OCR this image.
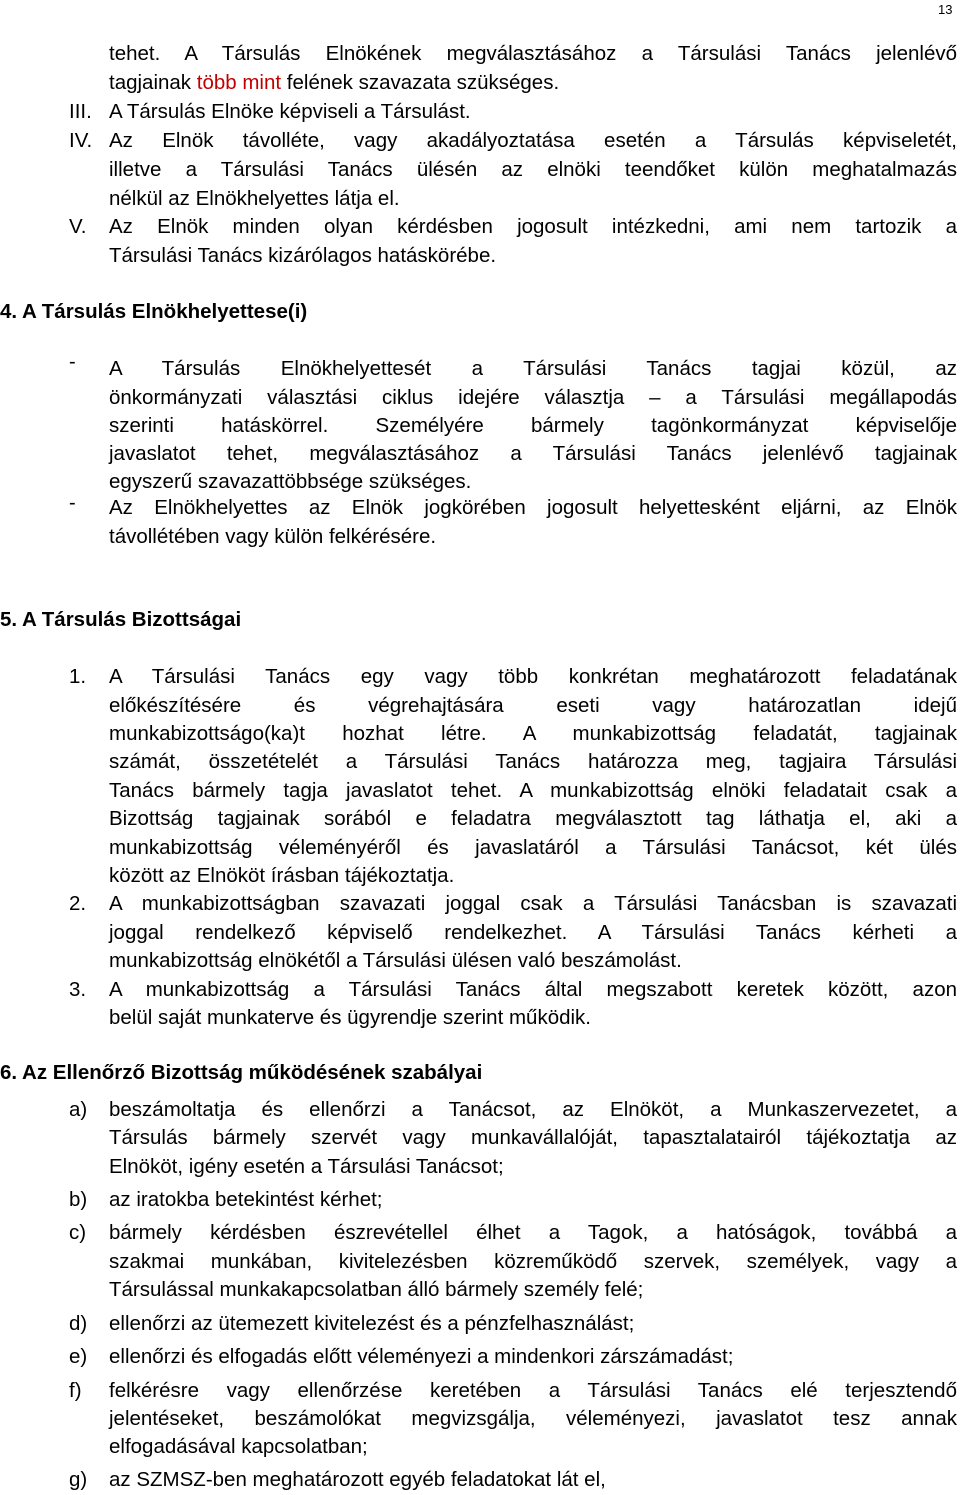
13
tehet. A Társulás Elnökének megválasztásához a Társulási Tanács jelenlévő
tagjainak több mint felének szavazata szükséges.
III. A Társulás Elnöke képviseli a Társulást.
IV. Az Elnök távolléte, vagy akadályoztatása esetén a Társulás képviseletét,
illetve a Társulási Tanács ülésén az elnöki teendőket külön meghatalmazás
nélkül az Elnökhelyettes látja el.
V. Az Elnök minden olyan kérdésben jogosult intézkedni, ami nem tartozik a
Társulási Tanács kizárólagos hatáskörébe.
4. A Társulás Elnökhelyettese(i)
- A Társulás Elnökhelyettesét a Társulási Tanács tagjai közül, az
önkormányzati választási ciklus idejére választja – a Társulási megállapodás
szerinti hatáskörrel. Személyére bármely tagönkormányzat képviselője
javaslatot tehet, megválasztásához a Társulási Tanács jelenlévő tagjainak
egyszerű szavazattöbbsége szükséges.
- Az Elnökhelyettes az Elnök jogkörében jogosult helyettesként eljárni, az Elnök
távollétében vagy külön felkérésére.
5. A Társulás Bizottságai
1. A Társulási Tanács egy vagy több konkrétan meghatározott feladatának
előkészítésére és végrehajtására eseti vagy határozatlan idejű
munkabizottságo(ka)t hozhat létre. A munkabizottság feladatát, tagjainak
számát, összetételét a Társulási Tanács határozza meg, tagjaira Társulási
Tanács bármely tagja javaslatot tehet. A munkabizottság elnöki feladatait csak a
Bizottság tagjainak sorából e feladatra megválasztott tag láthatja el, aki a
munkabizottság véleményéről és javaslatáról a Társulási Tanácsot, két ülés
között az Elnököt írásban tájékoztatja.
2. A munkabizottságban szavazati joggal csak a Társulási Tanácsban is szavazati
joggal rendelkező képviselő rendelkezhet. A Társulási Tanács kérheti a
munkabizottság elnökétől a Társulási ülésen való beszámolást.
3. A munkabizottság a Társulási Tanács által megszabott keretek között, azon
belül saját munkaterve és ügyrendje szerint működik.
6. Az Ellenőrző Bizottság működésének szabályai
a) beszámoltatja és ellenőrzi a Tanácsot, az Elnököt, a Munkaszervezetet, a
Társulás bármely szervét vagy munkavállalóját, tapasztalatairól tájékoztatja az
Elnököt, igény esetén a Társulási Tanácsot;
b) az iratokba betekintést kérhet;
c) bármely kérdésben észrevétellel élhet a Tagok, a hatóságok, továbbá a
szakmai munkában, kivitelezésben közreműködő szervek, személyek, vagy a
Társulással munkakapcsolatban álló bármely személy felé;
d) ellenőrzi az ütemezett kivitelezést és a pénzfelhasználást;
e) ellenőrzi és elfogadás előtt véleményezi a mindenkori zárszámadást;
f) felkérésre vagy ellenőrzése keretében a Társulási Tanács elé terjesztendő
jelentéseket, beszámolókat megvizsgálja, véleményezi, javaslatot tesz annak
elfogadásával kapcsolatban;
g) az SZMSZ-ben meghatározott egyéb feladatokat lát el,
